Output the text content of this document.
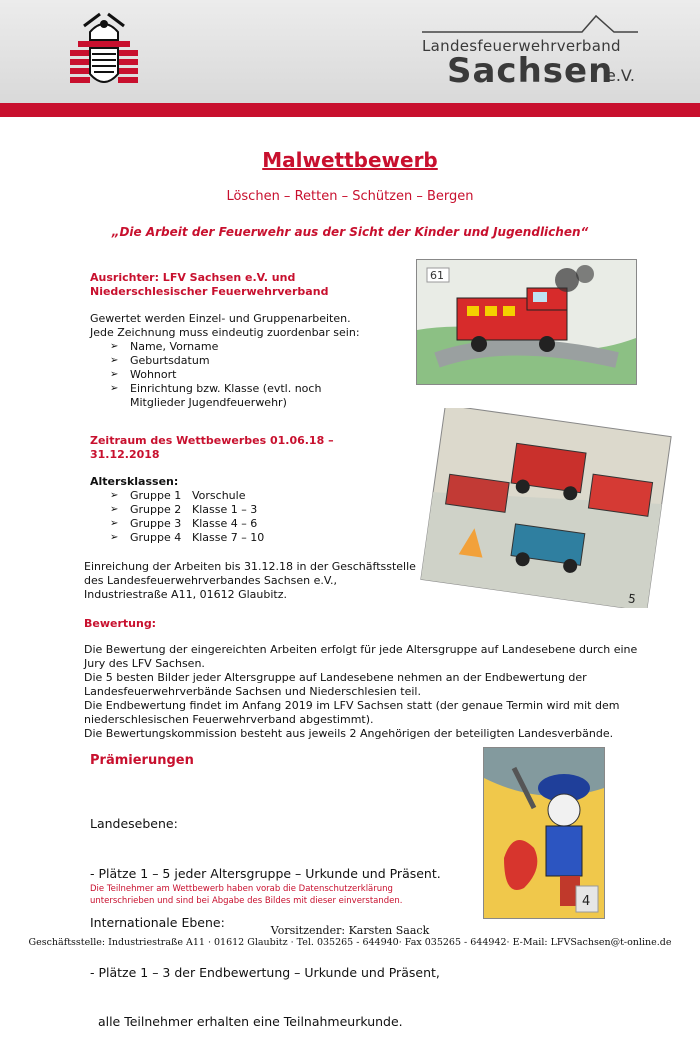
Landesfeuerwehrverband
Sachsen
e.V.
Malwettbewerb
Löschen – Retten – Schützen – Bergen
„Die Arbeit der Feuerwehr aus der Sicht der Kinder und Jugendlichen“
Ausrichter: LFV Sachsen e.V. und
Niederschlesischer Feuerwehrverband
Gewertet werden Einzel- und Gruppenarbeiten.
Jede Zeichnung muss eindeutig zuordenbar sein:
➢ Name, Vorname
➢ Geburtsdatum
➢ Wohnort
➢ Einrichtung bzw. Klasse (evtl. noch
Mitglieder Jugendfeuerwehr)
Zeitraum des Wettbewerbes 01.06.18 –
31.12.2018
Altersklassen:
➢ Gruppe 1 Vorschule
➢ Gruppe 2 Klasse 1 – 3
➢ Gruppe 3 Klasse 4 – 6
➢ Gruppe 4 Klasse 7 – 10
Einreichung der Arbeiten bis 31.12.18 in der Geschäftsstelle
des Landesfeuerwehrverbandes Sachsen e.V.,
Industriestraße A11, 01612 Glaubitz.
Bewertung:
Die Bewertung der eingereichten Arbeiten erfolgt für jede Altersgruppe auf Landesebene durch eine
Jury des LFV Sachsen.
Die 5 besten Bilder jeder Altersgruppe auf Landesebene nehmen an der Endbewertung der
Landesfeuerwehrverbände Sachsen und Niederschlesien teil.
Die Endbewertung findet im Anfang 2019 im LFV Sachsen statt (der genaue Termin wird mit dem
niederschlesischen Feuerwehrverband abgestimmt).
Die Bewertungskommission besteht aus jeweils 2 Angehörigen der beteiligten Landesverbände.
Prämierungen

Landesebene:

- Plätze 1 – 5 jeder Altersgruppe – Urkunde und Präsent.

Internationale Ebene:

- Plätze 1 – 3 der Endbewertung – Urkunde und Präsent,

alle Teilnehmer erhalten eine Teilnahmeurkunde.

Die Teilnehmer am Wettbewerb haben vorab die Datenschutzerklärung
unterschrieben und sind bei Abgabe des Bildes mit dieser einverstanden.
Vorsitzender: Karsten Saack
Geschäftsstelle: Industriestraße A11 · 01612 Glaubitz · Tel. 035265 - 644940· Fax 035265 - 644942· E-Mail: LFVSachsen@t-online.de
61
5
4
